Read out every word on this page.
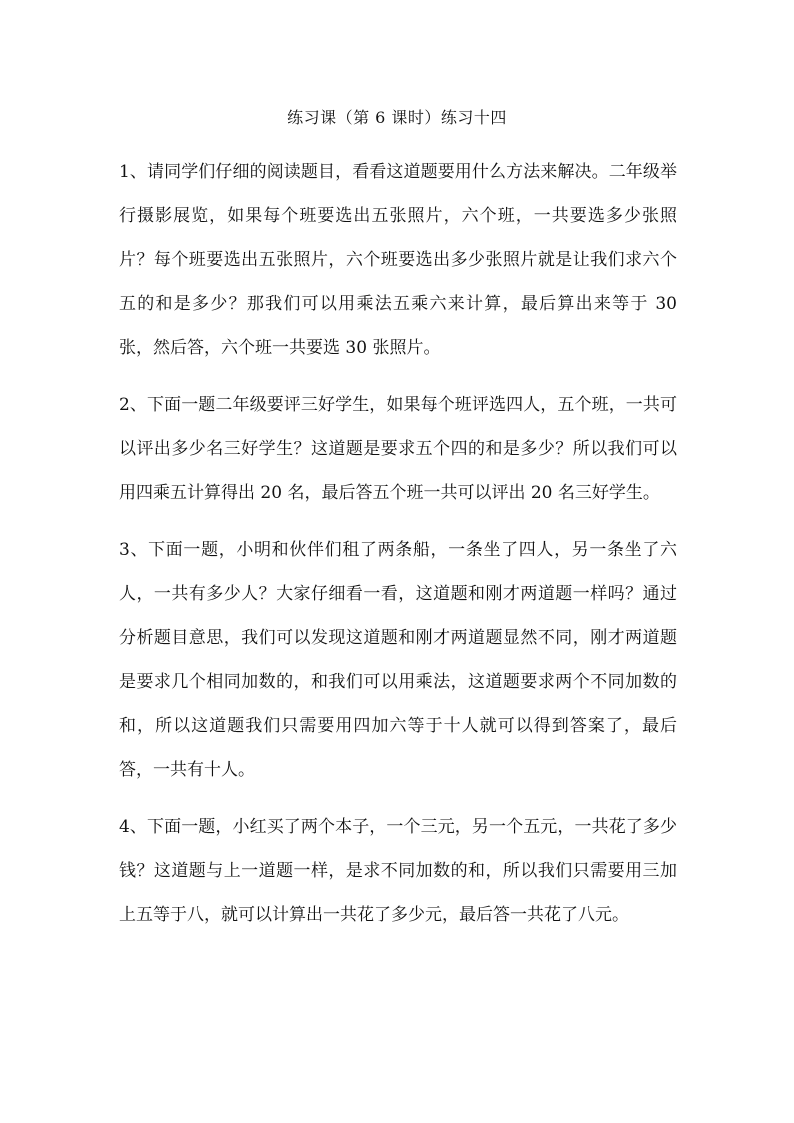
练习课（第 6 课时）练习十四

1、请同学们仔细的阅读题目，看看这道题要用什么方法来解决。二年级举行摄影展览，如果每个班要选出五张照片，六个班，一共要选多少张照片？每个班要选出五张照片，六个班要选出多少张照片就是让我们求六个五的和是多少？那我们可以用乘法五乘六来计算，最后算出来等于 30 张，然后答，六个班一共要选 30 张照片。

2、下面一题二年级要评三好学生，如果每个班评选四人，五个班，一共可以评出多少名三好学生？这道题是要求五个四的和是多少？所以我们可以用四乘五计算得出 20 名，最后答五个班一共可以评出 20 名三好学生。

3、下面一题，小明和伙伴们租了两条船，一条坐了四人，另一条坐了六人，一共有多少人？大家仔细看一看，这道题和刚才两道题一样吗？通过分析题目意思，我们可以发现这道题和刚才两道题显然不同，刚才两道题是要求几个相同加数的，和我们可以用乘法，这道题要求两个不同加数的和，所以这道题我们只需要用四加六等于十人就可以得到答案了，最后答，一共有十人。

4、下面一题，小红买了两个本子，一个三元，另一个五元，一共花了多少钱？这道题与上一道题一样，是求不同加数的和，所以我们只需要用三加上五等于八，就可以计算出一共花了多少元，最后答一共花了八元。
